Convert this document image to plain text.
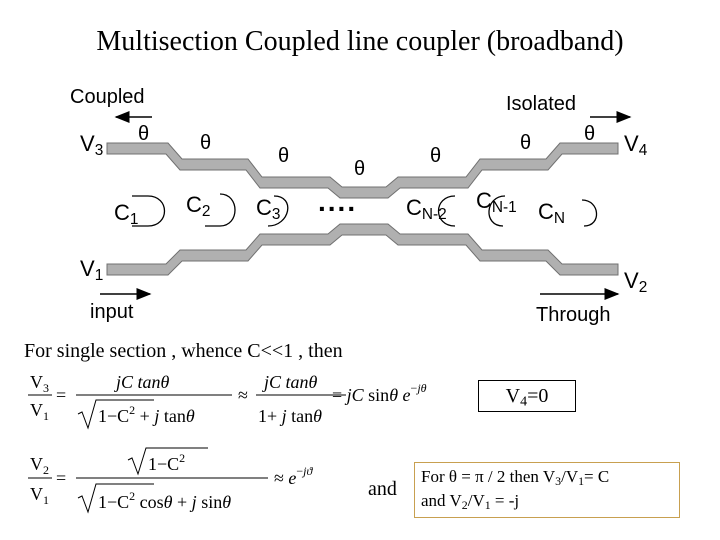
Multisection Coupled line coupler (broadband)
Coupled	Isolated
input	Through
$V_3$	$V_4$
$V_1$	$V_2$
θ	θ
θ
θ
θ
θ	θ
$C_1$
$C_2$ $C_3$ .... $C_{N-2}$
$C_{N-1}$ $C_N$
For single section , whence C<<1 , then
$V_3$
$V_1$
=
jC tanθ
$1-C^2 + j$ tanθ
≈
jC tanθ
1+ j tanθ
= jC sinθ e−jθ	$V_4=0$
$V_2$
$V_1$
=
$1-C^2$
$1-C^2$ cosθ + j sinθ
≈ e−jϑ
and
For θ = π / 2 then $V_3/V_1= C$
and $V_2/V_1 = -j$
